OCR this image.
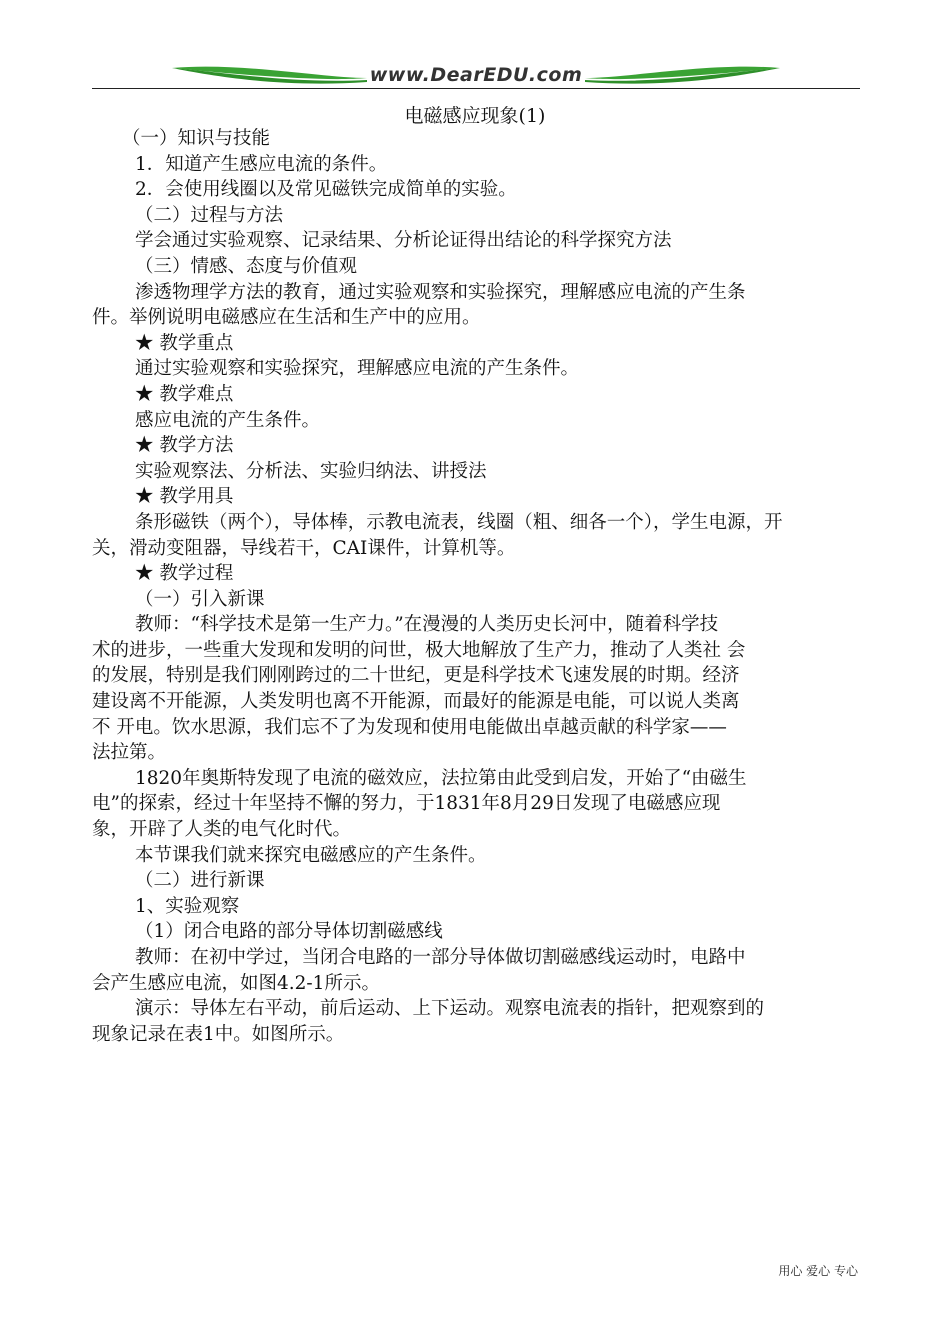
www.DearEDU.com
电磁感应现象(1)
（一）知识与技能
1．知道产生感应电流的条件。
2．会使用线圈以及常见磁铁完成简单的实验。
（二）过程与方法
学会通过实验观察、记录结果、分析论证得出结论的科学探究方法
（三）情感、态度与价值观
渗透物理学方法的教育，通过实验观察和实验探究，理解感应电流的产生条
件。举例说明电磁感应在生活和生产中的应用。
★ 教学重点
通过实验观察和实验探究，理解感应电流的产生条件。
★ 教学难点
感应电流的产生条件。
★ 教学方法
实验观察法、分析法、实验归纳法、讲授法
★ 教学用具
条形磁铁（两个），导体棒，示教电流表，线圈（粗、细各一个），学生电源，开
关，滑动变阻器，导线若干，CAI课件，计算机等。
★ 教学过程
（一）引入新课
教师：“科学技术是第一生产力。”在漫漫的人类历史长河中，随着科学技
术的进步，一些重大发现和发明的问世，极大地解放了生产力，推动了人类社 会
的发展，特别是我们刚刚跨过的二十世纪，更是科学技术飞速发展的时期。经济
建设离不开能源，人类发明也离不开能源，而最好的能源是电能，可以说人类离
不 开电。饮水思源，我们忘不了为发现和使用电能做出卓越贡献的科学家——
法拉第。
1820年奥斯特发现了电流的磁效应，法拉第由此受到启发，开始了“由磁生
电”的探索，经过十年坚持不懈的努力，于1831年8月29日发现了电磁感应现
象，开辟了人类的电气化时代。
本节课我们就来探究电磁感应的产生条件。
（二）进行新课
1、实验观察
（1）闭合电路的部分导体切割磁感线
教师：在初中学过，当闭合电路的一部分导体做切割磁感线运动时，电路中
会产生感应电流，如图4.2-1所示。
演示：导体左右平动，前后运动、上下运动。观察电流表的指针，把观察到的
现象记录在表1中。如图所示。
用心 爱心 专心
